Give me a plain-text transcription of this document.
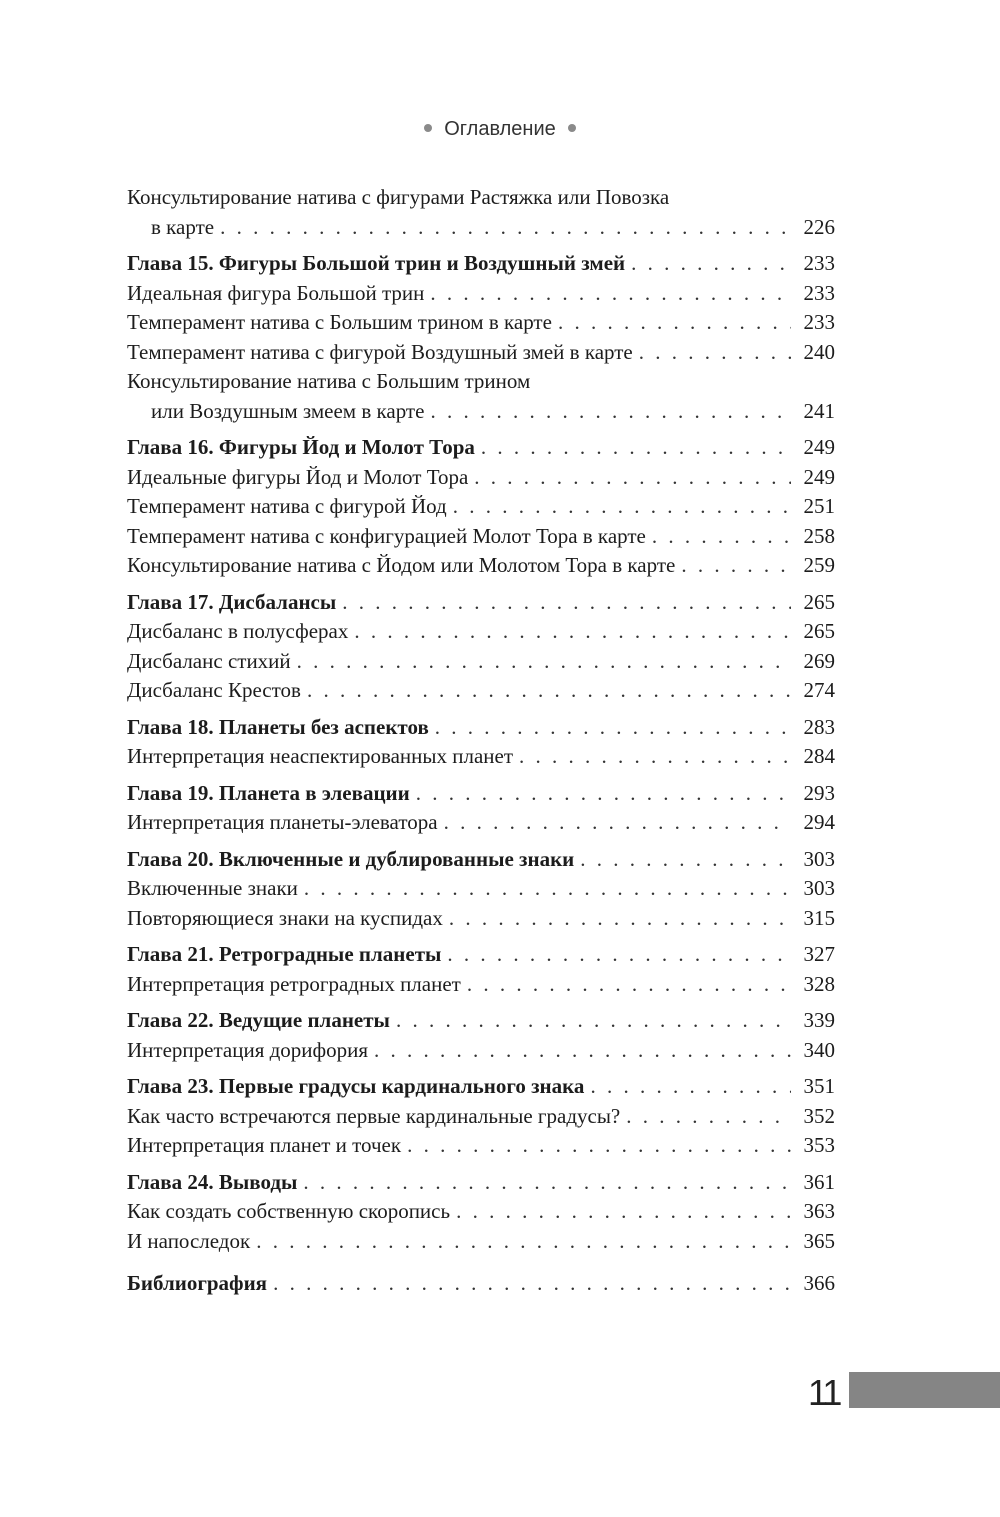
Оглавление
Консультирование натива с фигурами Растяжка или Повозка
в карте . . .	226
Глава 15. Фигуры Большой трин и Воздушный змей . . .	233
Идеальная фигура Большой трин . . .	233
Темперамент натива с Большим трином в карте . . .	233
Темперамент натива с фигурой Воздушный змей в карте . . .	240
Консультирование натива с Большим трином
или Воздушным змеем в карте . . .	241
Глава 16. Фигуры Йод и Молот Тора . . .	249
Идеальные фигуры Йод и Молот Тора . . .	249
Темперамент натива с фигурой Йод . . .	251
Темперамент натива с конфигурацией Молот Тора в карте . . .	258
Консультирование натива с Йодом или Молотом Тора в карте . . .	259
Глава 17. Дисбалансы . . .	265
Дисбаланс в полусферах . . .	265
Дисбаланс стихий . . .	269
Дисбаланс Крестов . . .	274
Глава 18. Планеты без аспектов . . .	283
Интерпретация неаспектированных планет . . .	284
Глава 19. Планета в элевации . . .	293
Интерпретация планеты-элеватора . . .	294
Глава 20. Включенные и дублированные знаки . . .	303
Включенные знаки . . .	303
Повторяющиеся знаки на куспидах . . .	315
Глава 21. Ретроградные планеты . . .	327
Интерпретация ретроградных планет . . .	328
Глава 22. Ведущие планеты . . .	339
Интерпретация дорифория . . .	340
Глава 23. Первые градусы кардинального знака . . .	351
Как часто встречаются первые кардинальные градусы? . . .	352
Интерпретация планет и точек . . .	353
Глава 24. Выводы . . .	361
Как создать собственную скоропись . . .	363
И напоследок . . .	365
Библиография . . .	366
11
